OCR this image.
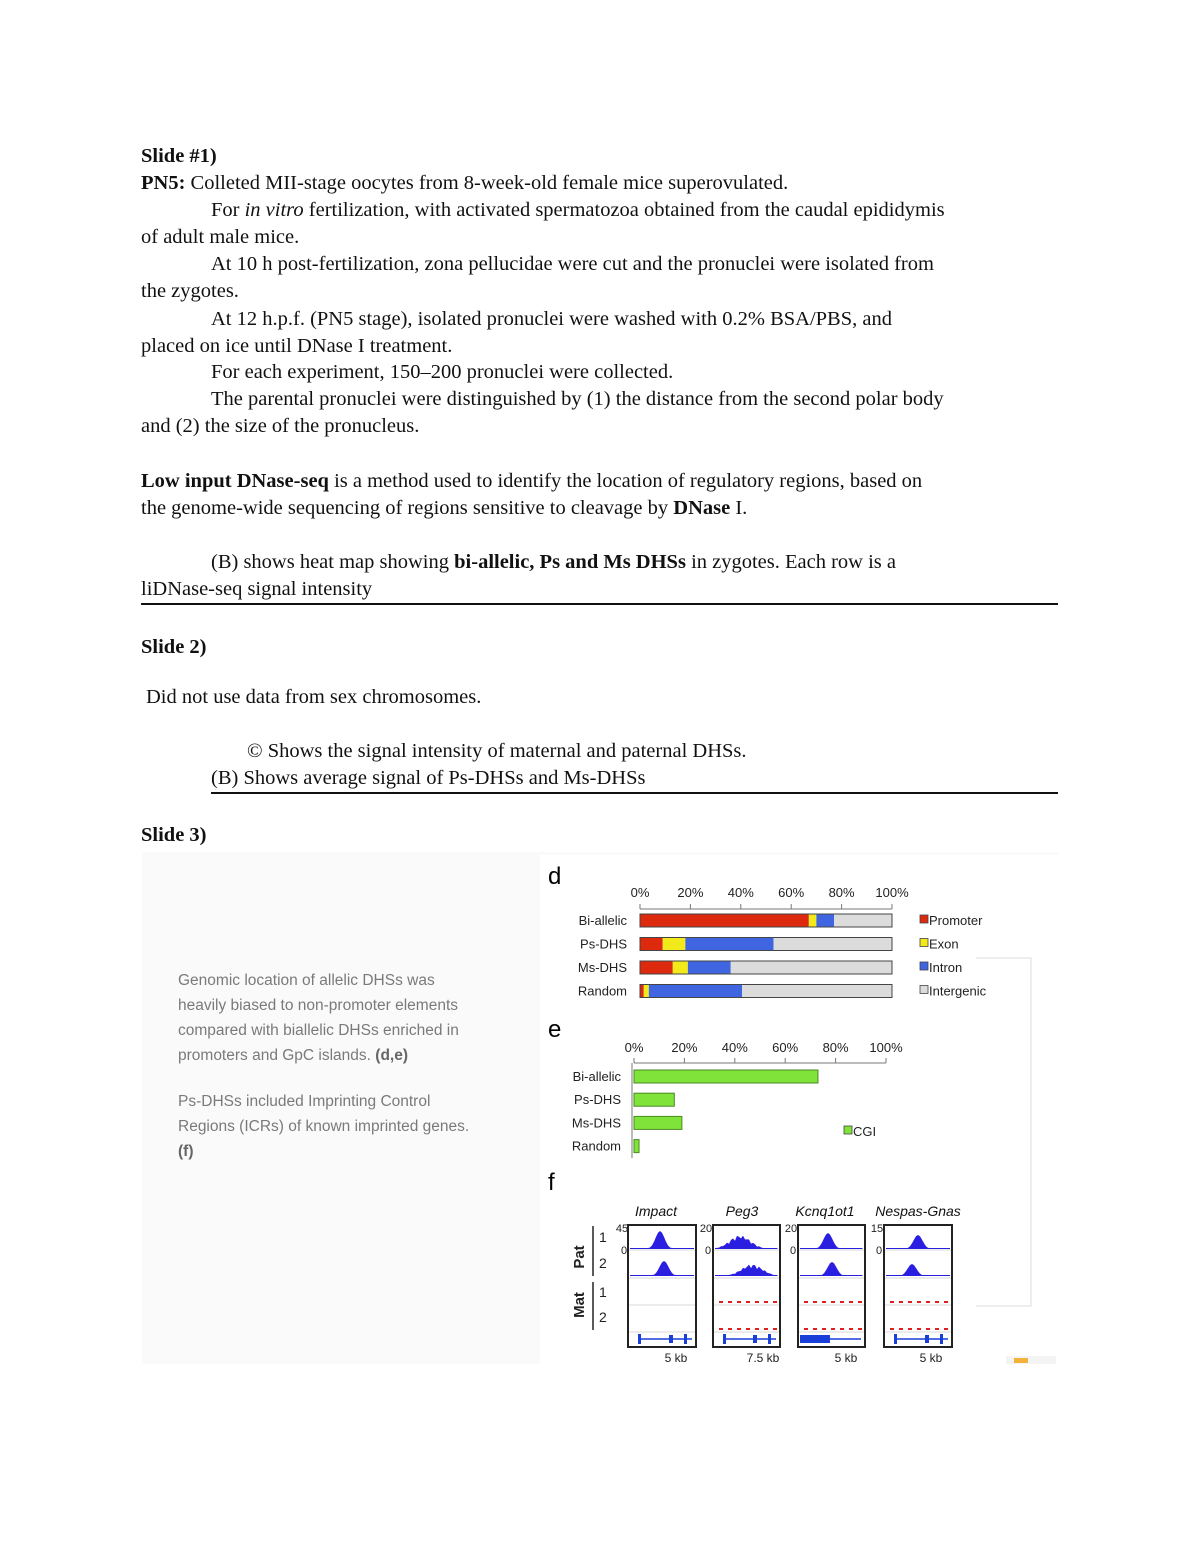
Slide #1)
PN5: Colleted MII-stage oocytes from 8-week-old female mice superovulated.
For in vitro fertilization, with activated spermatozoa obtained from the caudal epididymis
of adult male mice.
At 10 h post-fertilization, zona pellucidae were cut and the pronuclei were isolated from
the zygotes.
At 12 h.p.f. (PN5 stage), isolated pronuclei were washed with 0.2% BSA/PBS, and
placed on ice until DNase I treatment.
For each experiment, 150–200 pronuclei were collected.
The parental pronuclei were distinguished by (1) the distance from the second polar body
and (2) the size of the pronucleus.
Low input DNase-seq is a method used to identify the location of regulatory regions, based on
the genome-wide sequencing of regions sensitive to cleavage by DNase I.
(B) shows heat map showing bi-allelic, Ps and Ms DHSs in zygotes. Each row is a
liDNase-seq signal intensity
Slide 2)
Did not use data from sex chromosomes.
© Shows the signal intensity of maternal and paternal DHSs.
(B) Shows average signal of Ps-DHSs and Ms-DHSs
Slide 3)
Genomic location of allelic DHSs was
heavily biased to non-promoter elements
compared with biallelic DHSs enriched in
promoters and GpC islands. (d,e)
Ps-DHSs included Imprinting Control
Regions (ICRs) of known imprinted genes.
(f)
d
0% 20% 40% 60% 80% 100%
Bi-allelic
Ps-DHS
Ms-DHS
Random
Promoter
Exon
Intron
Intergenic
e
0% 20% 40% 60% 80% 100%
Bi-allelic
Ps-DHS
Ms-DHS
Random
CGI
f
Pat
Mat
1
2
1
2
Impact
45
0
5 kb
Peg3
20
0
7.5 kb
Kcnq1ot1
20
0
5 kb
Nespas-Gnas
15
0
5 kb
